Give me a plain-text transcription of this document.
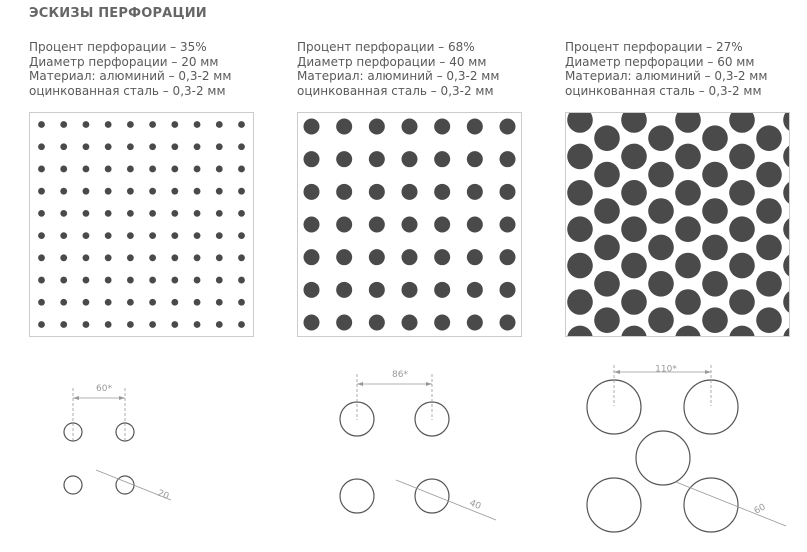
ЭСКИЗЫ ПЕРФОРАЦИИ
Процент перфорации – 35%
Диаметр перфорации – 20 мм
Материал: алюминий – 0,3-2 мм
оцинкованная сталь – 0,3-2 мм
Процент перфорации – 68%
Диаметр перфорации – 40 мм
Материал: алюминий – 0,3-2 мм
оцинкованная сталь – 0,3-2 мм
Процент перфорации – 27%
Диаметр перфорации – 60 мм
Материал: алюминий – 0,3-2 мм
оцинкованная сталь – 0,3-2 мм
60*
20
86*
40
110*
60
